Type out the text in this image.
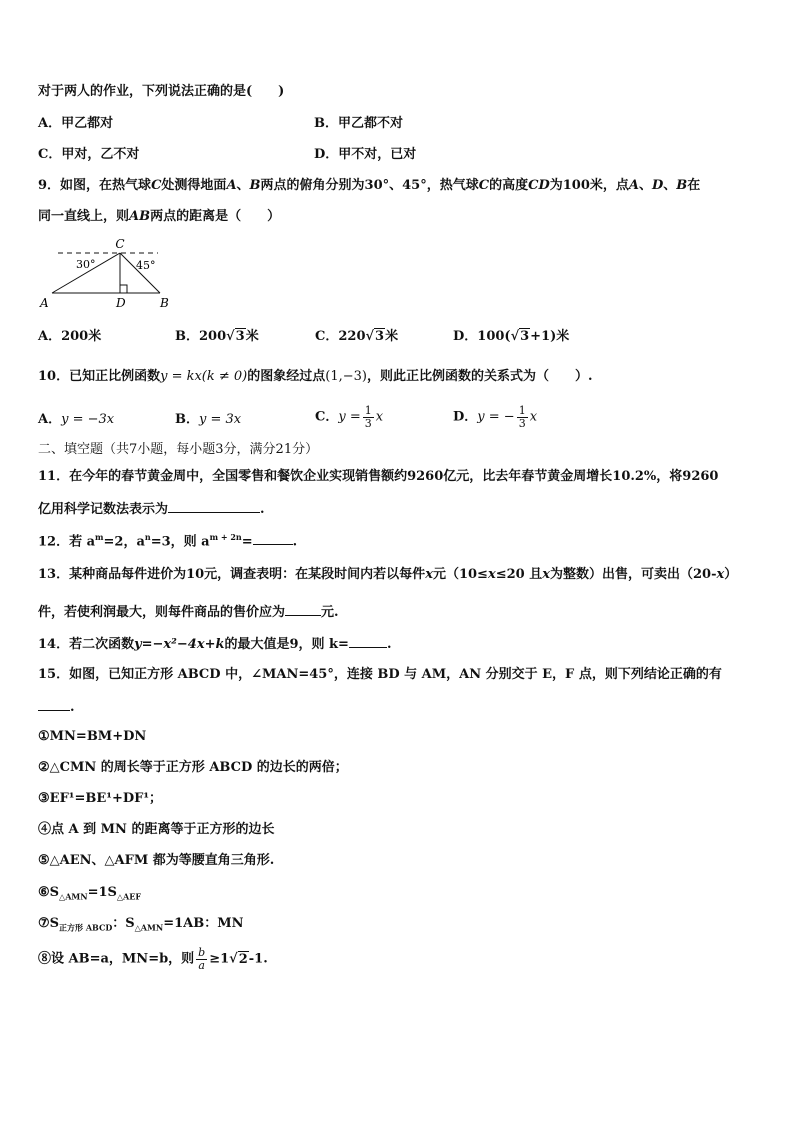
对于两人的作业，下列说法正确的是(　　)
A．甲乙都对	B．甲乙都不对
C．甲对，乙不对	D．甲不对，已对
9．如图，在热气球C处测得地面A、B两点的俯角分别为30°、45°，热气球C的高度CD为100米，点A、D、B在
同一直线上，则AB两点的距离是（　　）
C
30°	45°
A	D	B
A．200米	B．200√3米	C．220√3米	D．100(√3+1)米
10．已知正比例函数y = kx(k ≠ 0)的图象经过点(1,−3)，则此正比例函数的关系式为（　　）.
A．y = −3x	B．y = 3x	C．$y = \frac{1}{3}$ x	D．y = − $\frac{1}{3}$ x
二、填空题（共7小题，每小题3分，满分21分）
11．在今年的春节黄金周中，全国零售和餐饮企业实现销售额约9260亿元，比去年春节黄金周增长10.2%，将9260
亿用科学记数法表示为	.
12．若 $a^m=2$，$a^n=3$，则 $a^{m + 2n}=$	.
13．某种商品每件进价为10元，调查表明：在某段时间内若以每件x元（10≤x≤20 且x为整数）出售，可卖出（20-x）
件，若使利润最大，则每件商品的售价应为	元.
14．若二次函数y=−x²−4x+k的最大值是9，则 k=	.
15．如图，已知正方形 ABCD 中，∠MAN=45°，连接 BD 与 AM，AN 分别交于 E，F 点，则下列结论正确的有
.
①MN=BM+DN
②△CMN 的周长等于正方形 ABCD 的边长的两倍；
③EF¹=BE¹+DF¹；
④点 A 到 MN 的距离等于正方形的边长
⑤△AEN、△AFM 都为等腰直角三角形.
$⑥S_{\triangle AMN}=1S_{\triangle AEF}$
$⑦S_{正方形 ABCD}$：$S_{\triangle AMN}=1AB$：MN
⑧设 AB=a，MN=b，则 $\frac{b}{a} \ge 1√2-1$.
